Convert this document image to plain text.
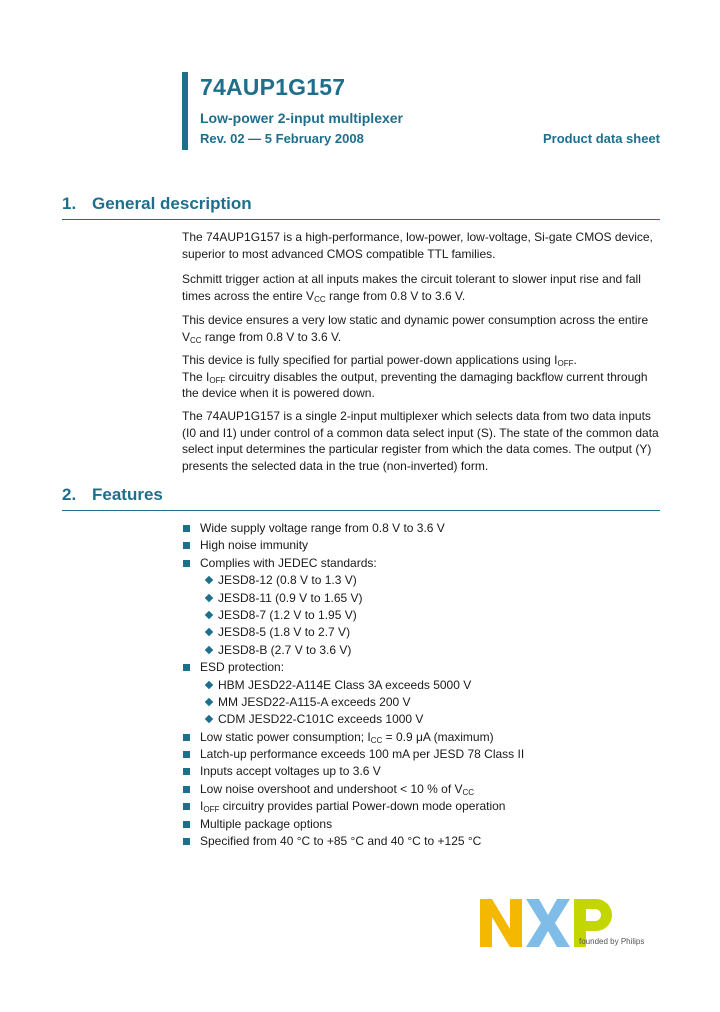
74AUP1G157
Low-power 2-input multiplexer
Rev. 02 — 5 February 2008	Product data sheet
1. General description

The 74AUP1G157 is a high-performance, low-power, low-voltage, Si-gate CMOS device, superior to most advanced CMOS compatible TTL families.

Schmitt trigger action at all inputs makes the circuit tolerant to slower input rise and fall times across the entire $V_{CC}$ range from 0.8 V to 3.6 V.

This device ensures a very low static and dynamic power consumption across the entire $V_{CC}$ range from 0.8 V to 3.6 V.

This device is fully specified for partial power-down applications using $I_{OFF}$.
The $I_{OFF}$ circuitry disables the output, preventing the damaging backflow current through the device when it is powered down.

The 74AUP1G157 is a single 2-input multiplexer which selects data from two data inputs (I0 and I1) under control of a common data select input (S). The state of the common data select input determines the particular register from which the data comes. The output (Y) presents the selected data in the true (non-inverted) form.

2. Features
Wide supply voltage range from 0.8 V to 3.6 V
High noise immunity
Complies with JEDEC standards:
JESD8-12 (0.8 V to 1.3 V)
JESD8-11 (0.9 V to 1.65 V)
JESD8-7 (1.2 V to 1.95 V)
JESD8-5 (1.8 V to 2.7 V)
JESD8-B (2.7 V to 3.6 V)
ESD protection:
HBM JESD22-A114E Class 3A exceeds 5000 V
MM JESD22-A115-A exceeds 200 V
CDM JESD22-C101C exceeds 1000 V
Low static power consumption; $I_{CC} = 0.9$ μA (maximum)
Latch-up performance exceeds 100 mA per JESD 78 Class II
Inputs accept voltages up to 3.6 V
Low noise overshoot and undershoot < 10 % of $V_{CC}$
$I_{OFF}$ circuitry provides partial Power-down mode operation
Multiple package options
Specified from 40 °C to +85 °C and 40 °C to +125 °C
founded by Philips
